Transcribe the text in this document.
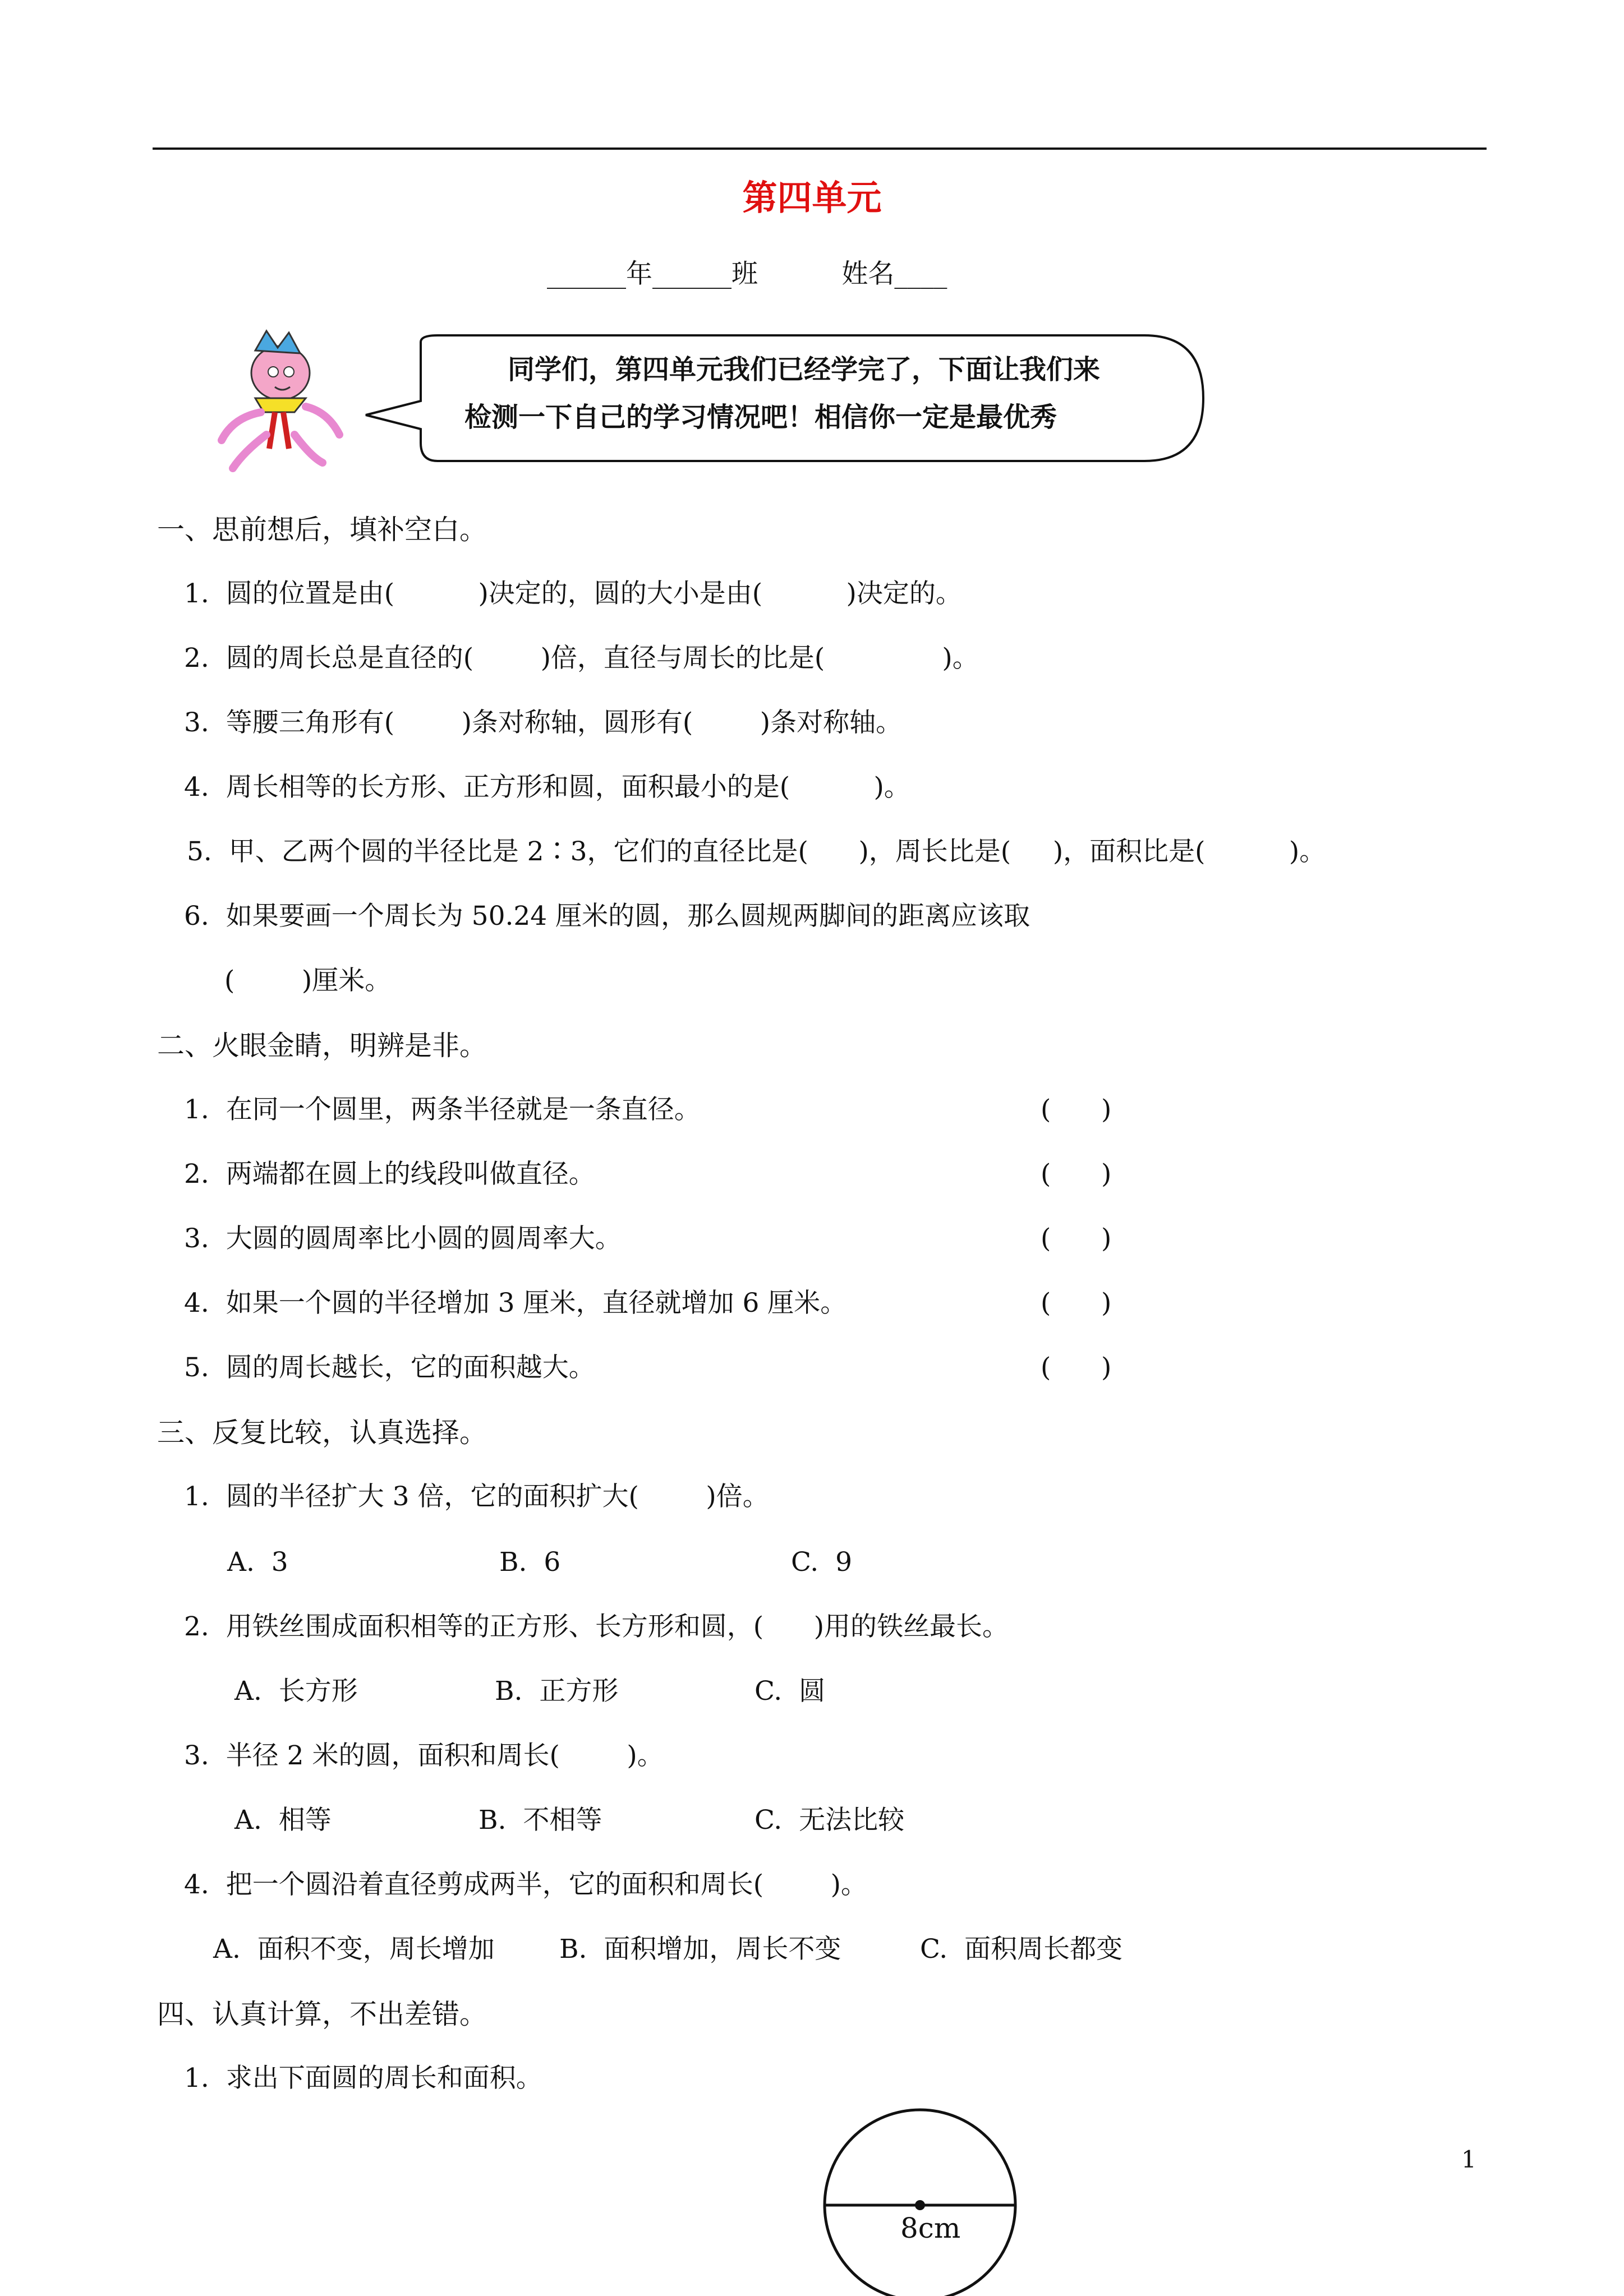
第四单元
______年______班          姓名____
同学们，第四单元我们已经学完了，下面让我们来
检测一下自己的学习情况吧！相信你一定是最优秀
一、思前想后，填补空白。
1.  圆的位置是由(          )决定的，圆的大小是由(          )决定的。
2.  圆的周长总是直径的(        )倍，直径与周长的比是(              )。
3.  等腰三角形有(        )条对称轴，圆形有(        )条对称轴。
4.  周长相等的长方形、正方形和圆，面积最小的是(          )。
5.  甲、乙两个圆的半径比是 2∶3，它们的直径比是(      )，周长比是(     )，面积比是(          )。
6.  如果要画一个周长为 50.24 厘米的圆，那么圆规两脚间的距离应该取
(        )厘米。
二、火眼金睛，明辨是非。
1.  在同一个圆里，两条半径就是一条直径。	(      )
2.  两端都在圆上的线段叫做直径。	(      )
3.  大圆的圆周率比小圆的圆周率大。	(      )
4.  如果一个圆的半径增加 3 厘米，直径就增加 6 厘米。	(      )
5.  圆的周长越长，它的面积越大。	(      )
三、反复比较，认真选择。
1.  圆的半径扩大 3 倍，它的面积扩大(        )倍。
A.  3	B.  6	C.  9
2.  用铁丝围成面积相等的正方形、长方形和圆，(      )用的铁丝最长。
A.  长方形	B.  正方形	C.  圆
3.  半径 2 米的圆，面积和周长(        )。
A.  相等	B.  不相等	C.  无法比较
4.  把一个圆沿着直径剪成两半，它的面积和周长(        )。
A.  面积不变，周长增加 B.  面积增加，周长不变	C.  面积周长都变
四、认真计算，不出差错。
1.  求出下面圆的周长和面积。
8cm
1
